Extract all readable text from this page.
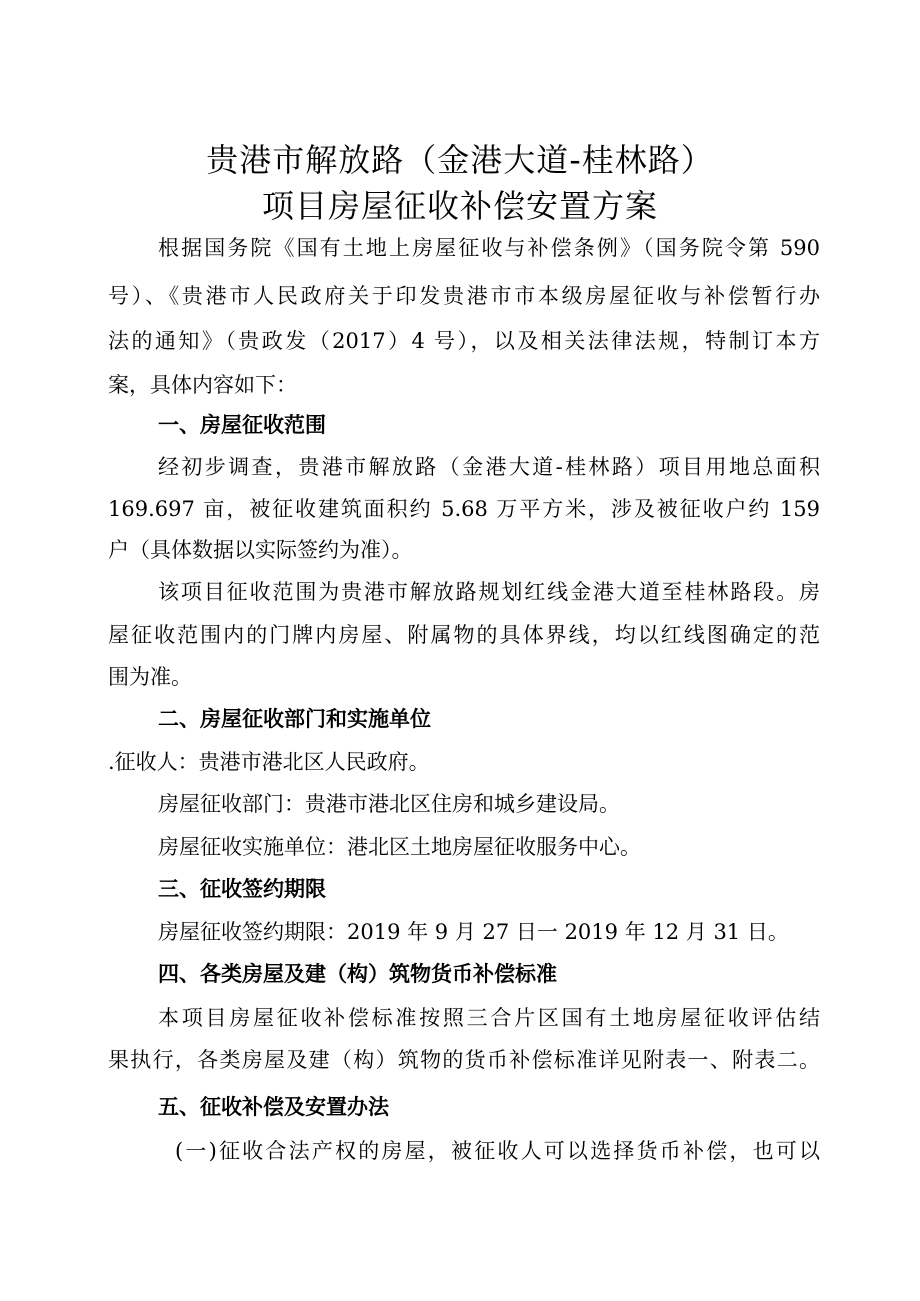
贵港市解放路（金港大道-桂林路）
项目房屋征收补偿安置方案

根据国务院《国有土地上房屋征收与补偿条例》（国务院令第 590

号）、《贵港市人民政府关于印发贵港市市本级房屋征收与补偿暂行办

法的通知》（贵政发（2017）4 号），以及相关法律法规，特制订本方

案，具体内容如下：

一、房屋征收范围

经初步调查，贵港市解放路（金港大道-桂林路）项目用地总面积

169.697 亩，被征收建筑面积约 5.68 万平方米，涉及被征收户约 159

户（具体数据以实际签约为准）。

该项目征收范围为贵港市解放路规划红线金港大道至桂林路段。房

屋征收范围内的门牌内房屋、附属物的具体界线，均以红线图确定的范

围为准。

二、房屋征收部门和实施单位

.征收人：贵港市港北区人民政府。

房屋征收部门：贵港市港北区住房和城乡建设局。

房屋征收实施单位：港北区土地房屋征收服务中心。

三、征收签约期限

房屋征收签约期限：2019 年 9 月 27 日一 2019 年 12 月 31 日。

四、各类房屋及建（构）筑物货币补偿标准

本项目房屋征收补偿标准按照三合片区国有土地房屋征收评估结

果执行，各类房屋及建（构）筑物的货币补偿标准详见附表一、附表二。

五、征收补偿及安置办法

(一)征收合法产权的房屋，被征收人可以选择货币补偿，也可以
